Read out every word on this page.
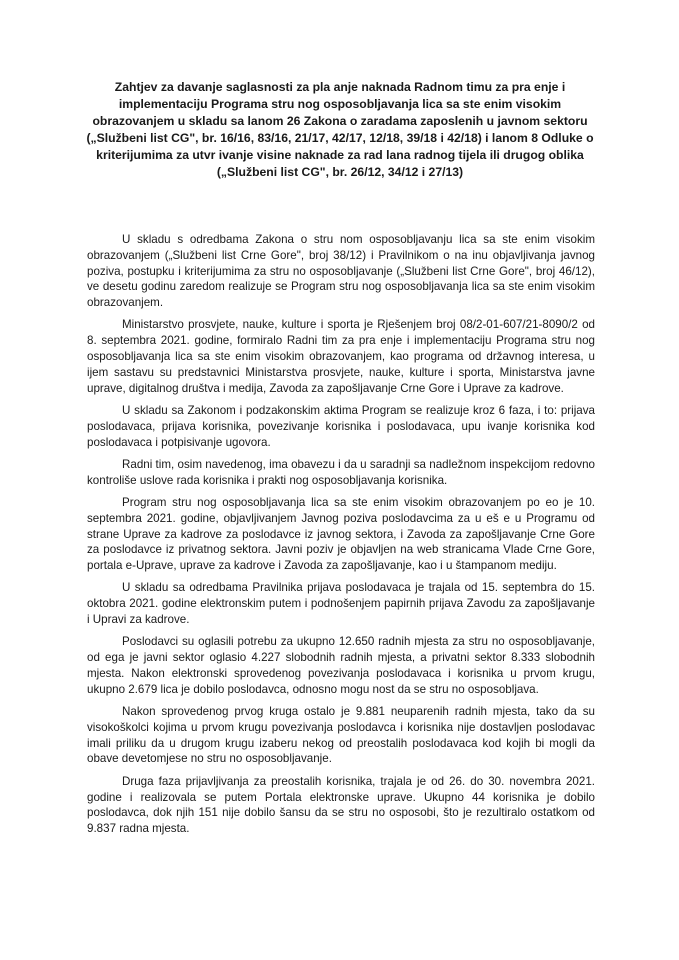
Zahtjev za davanje saglasnosti za pla anje naknada Radnom timu za pra enje i implementaciju Programa stru nog osposobljavanja lica sa ste enim visokim obrazovanjem u skladu sa lanom 26 Zakona o zaradama zaposlenih u javnom sektoru („Službeni list CG", br. 16/16, 83/16, 21/17, 42/17, 12/18, 39/18 i 42/18) i lanom 8 Odluke o kriterijumima za utvr ivanje visine naknade za rad lana radnog tijela ili drugog oblika („Službeni list CG", br. 26/12, 34/12 i 27/13)

U skladu s odredbama Zakona o stru nom osposobljavanju lica sa ste enim visokim obrazovanjem („Službeni list Crne Gore", broj 38/12) i Pravilnikom o na inu objavljivanja javnog poziva, postupku i kriterijumima za stru no osposobljavanje („Službeni list Crne Gore", broj 46/12), ve desetu godinu zaredom realizuje se Program stru nog osposobljavanja lica sa ste enim visokim obrazovanjem.

Ministarstvo prosvjete, nauke, kulture i sporta je Rješenjem broj 08/2-01-607/21-8090/2 od 8. septembra 2021. godine, formiralo Radni tim za pra enje i implementaciju Programa stru nog osposobljavanja lica sa ste enim visokim obrazovanjem, kao programa od državnog interesa, u ijem sastavu su predstavnici Ministarstva prosvjete, nauke, kulture i sporta, Ministarstva javne uprave, digitalnog društva i medija, Zavoda za zapošljavanje Crne Gore i Uprave za kadrove.

U skladu sa Zakonom i podzakonskim aktima Program se realizuje kroz 6 faza, i to: prijava poslodavaca, prijava korisnika, povezivanje korisnika i poslodavaca, upu ivanje korisnika kod poslodavaca i potpisivanje ugovora.

Radni tim, osim navedenog, ima obavezu i da u saradnji sa nadležnom inspekcijom redovno kontroliše uslove rada korisnika i prakti nog osposobljavanja korisnika.

Program stru nog osposobljavanja lica sa ste enim visokim obrazovanjem po eo je 10. septembra 2021. godine, objavljivanjem Javnog poziva poslodavcima za u eš e u Programu od strane Uprave za kadrove za poslodavce iz javnog sektora, i Zavoda za zapošljavanje Crne Gore za poslodavce iz privatnog sektora. Javni poziv je objavljen na web stranicama Vlade Crne Gore, portala e-Uprave, uprave za kadrove i Zavoda za zapošljavanje, kao i u štampanom mediju.

U skladu sa odredbama Pravilnika prijava poslodavaca je trajala od 15. septembra do 15. oktobra 2021. godine elektronskim putem i podnošenjem papirnih prijava Zavodu za zapošljavanje i Upravi za kadrove.

Poslodavci su oglasili potrebu za ukupno 12.650 radnih mjesta za stru no osposobljavanje, od ega je javni sektor oglasio 4.227 slobodnih radnih mjesta, a privatni sektor 8.333 slobodnih mjesta. Nakon elektronski sprovedenog povezivanja poslodavaca i korisnika u prvom krugu, ukupno 2.679 lica je dobilo poslodavca, odnosno mogu nost da se stru no osposobljava.

Nakon sprovedenog prvog kruga ostalo je 9.881 neuparenih radnih mjesta, tako da su visokoškolci kojima u prvom krugu povezivanja poslodavca i korisnika nije dostavljen poslodavac imali priliku da u drugom krugu izaberu nekog od preostalih poslodavaca kod kojih bi mogli da obave devetomjese no stru no osposobljavanje.

Druga faza prijavljivanja za preostalih korisnika, trajala je od 26. do 30. novembra 2021. godine i realizovala se putem Portala elektronske uprave. Ukupno 44 korisnika je dobilo poslodavca, dok njih 151 nije dobilo šansu da se stru no osposobi, što je rezultiralo ostatkom od 9.837 radna mjesta.
